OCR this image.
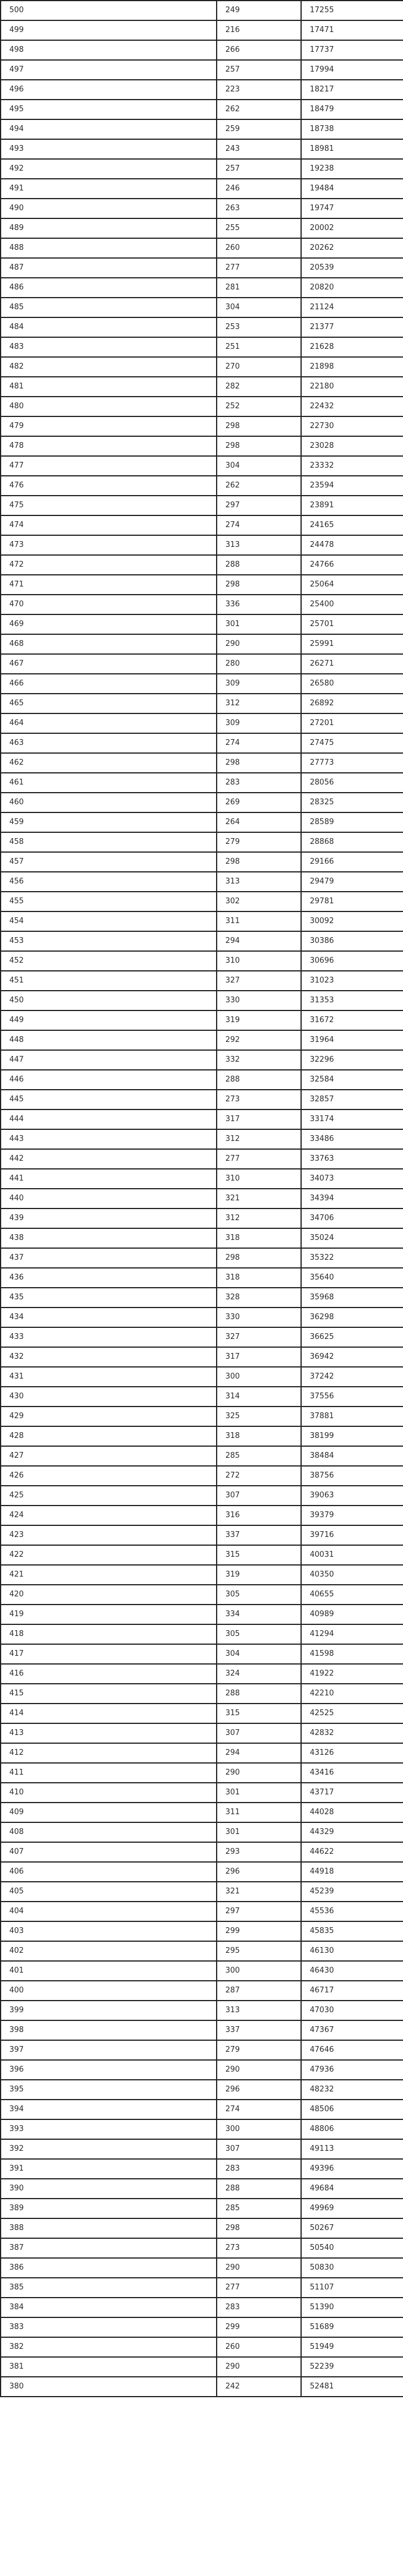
500	249	17255
499	216	17471
498	266	17737
497	257	17994
496	223	18217
495	262	18479
494	259	18738
493	243	18981
492	257	19238
491	246	19484
490	263	19747
489	255	20002
488	260	20262
487	277	20539
486	281	20820
485	304	21124
484	253	21377
483	251	21628
482	270	21898
481	282	22180
480	252	22432
479	298	22730
478	298	23028
477	304	23332
476	262	23594
475	297	23891
474	274	24165
473	313	24478
472	288	24766
471	298	25064
470	336	25400
469	301	25701
468	290	25991
467	280	26271
466	309	26580
465	312	26892
464	309	27201
463	274	27475
462	298	27773
461	283	28056
460	269	28325
459	264	28589
458	279	28868
457	298	29166
456	313	29479
455	302	29781
454	311	30092
453	294	30386
452	310	30696
451	327	31023
450	330	31353
449	319	31672
448	292	31964
447	332	32296
446	288	32584
445	273	32857
444	317	33174
443	312	33486
442	277	33763
441	310	34073
440	321	34394
439	312	34706
438	318	35024
437	298	35322
436	318	35640
435	328	35968
434	330	36298
433	327	36625
432	317	36942
431	300	37242
430	314	37556
429	325	37881
428	318	38199
427	285	38484
426	272	38756
425	307	39063
424	316	39379
423	337	39716
422	315	40031
421	319	40350
420	305	40655
419	334	40989
418	305	41294
417	304	41598
416	324	41922
415	288	42210
414	315	42525
413	307	42832
412	294	43126
411	290	43416
410	301	43717
409	311	44028
408	301	44329
407	293	44622
406	296	44918
405	321	45239
404	297	45536
403	299	45835
402	295	46130
401	300	46430
400	287	46717
399	313	47030
398	337	47367
397	279	47646
396	290	47936
395	296	48232
394	274	48506
393	300	48806
392	307	49113
391	283	49396
390	288	49684
389	285	49969
388	298	50267
387	273	50540
386	290	50830
385	277	51107
384	283	51390
383	299	51689
382	260	51949
381	290	52239
380	242	52481
